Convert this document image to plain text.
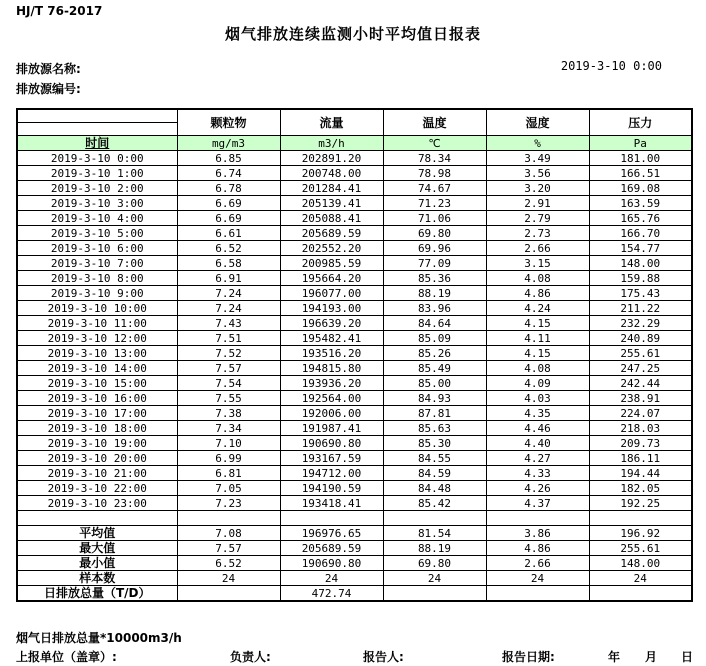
HJ/T 76-2017
烟气排放连续监测小时平均值日报表
排放源名称:
排放源编号:
2019-3-10 0:00
	颗粒物	流量	温度	湿度	压力

时间	mg/m3	m3/h	℃	%	Pa
2019-3-10 0:00	6.85	202891.20	78.34	3.49	181.00
2019-3-10 1:00	6.74	200748.00	78.98	3.56	166.51
2019-3-10 2:00	6.78	201284.41	74.67	3.20	169.08
2019-3-10 3:00	6.69	205139.41	71.23	2.91	163.59
2019-3-10 4:00	6.69	205088.41	71.06	2.79	165.76
2019-3-10 5:00	6.61	205689.59	69.80	2.73	166.70
2019-3-10 6:00	6.52	202552.20	69.96	2.66	154.77
2019-3-10 7:00	6.58	200985.59	77.09	3.15	148.00
2019-3-10 8:00	6.91	195664.20	85.36	4.08	159.88
2019-3-10 9:00	7.24	196077.00	88.19	4.86	175.43
2019-3-10 10:00	7.24	194193.00	83.96	4.24	211.22
2019-3-10 11:00	7.43	196639.20	84.64	4.15	232.29
2019-3-10 12:00	7.51	195482.41	85.09	4.11	240.89
2019-3-10 13:00	7.52	193516.20	85.26	4.15	255.61
2019-3-10 14:00	7.57	194815.80	85.49	4.08	247.25
2019-3-10 15:00	7.54	193936.20	85.00	4.09	242.44
2019-3-10 16:00	7.55	192564.00	84.93	4.03	238.91
2019-3-10 17:00	7.38	192006.00	87.81	4.35	224.07
2019-3-10 18:00	7.34	191987.41	85.63	4.46	218.03
2019-3-10 19:00	7.10	190690.80	85.30	4.40	209.73
2019-3-10 20:00	6.99	193167.59	84.55	4.27	186.11
2019-3-10 21:00	6.81	194712.00	84.59	4.33	194.44
2019-3-10 22:00	7.05	194190.59	84.48	4.26	182.05
2019-3-10 23:00	7.23	193418.41	85.42	4.37	192.25

平均值	7.08	196976.65	81.54	3.86	196.92
最大值	7.57	205689.59	88.19	4.86	255.61
最小值	6.52	190690.80	69.80	2.66	148.00
样本数	24	24	24	24	24
日排放总量（T/D）		472.74			
烟气日排放总量*10000m3/h
上报单位（盖章）:	负责人:	报告人:	报告日期:	年 月 日
